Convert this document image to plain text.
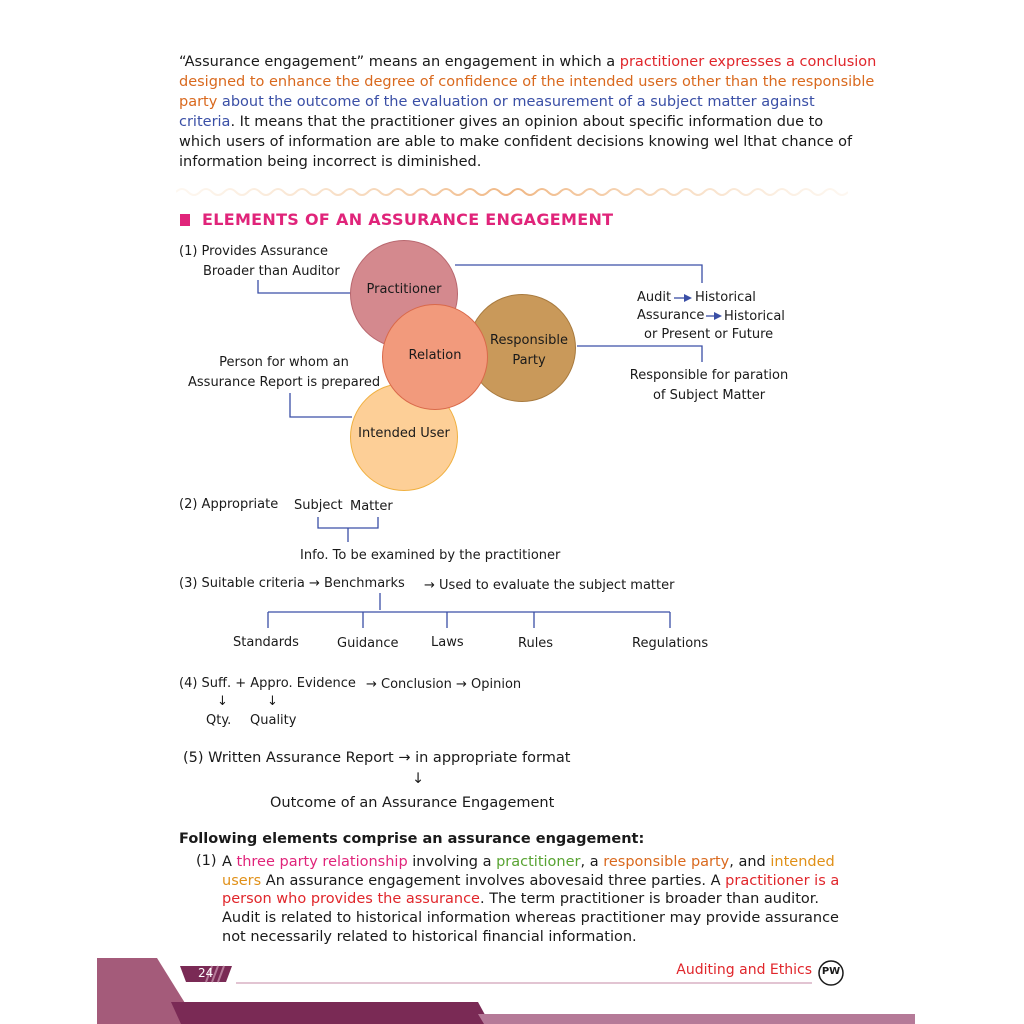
“Assurance engagement” means an engagement in which a practitioner expresses a conclusion
designed to enhance the degree of confidence of the intended users other than the responsible
party about the outcome of the evaluation or measurement of a subject matter against
criteria. It means that the practitioner gives an opinion about specific information due to
which users of information are able to make confident decisions knowing wel lthat chance of
information being incorrect is diminished.
ELEMENTS OF AN ASSURANCE ENGAGEMENT
Practitioner
Relation
Responsible
Party
Intended User
(1) Provides Assurance
Broader than Auditor
Person for whom an
Assurance Report is prepared
Audit Historical
Assurance Historical
or Present or Future
Responsible for paration
of Subject Matter
(2) Appropriate Subject Matter
Info. To be examined by the practitioner
(3) Suitable criteria → Benchmarks → Used to evaluate the subject matter
Standards	Guidance Laws	Rules	Regulations
(4) Suff. + Appro. Evidence → Conclusion → Opinion
↓	↓
Qty. Quality
(5) Written Assurance Report → in appropriate format
↓
Outcome of an Assurance Engagement
Following elements comprise an assurance engagement:
(1) A three party relationship involving a practitioner, a responsible party, and intended
users An assurance engagement involves abovesaid three parties. A practitioner is a
person who provides the assurance. The term practitioner is broader than auditor.
Audit is related to historical information whereas practitioner may provide assurance
not necessarily related to historical financial information.
24	Auditing and Ethics PW
